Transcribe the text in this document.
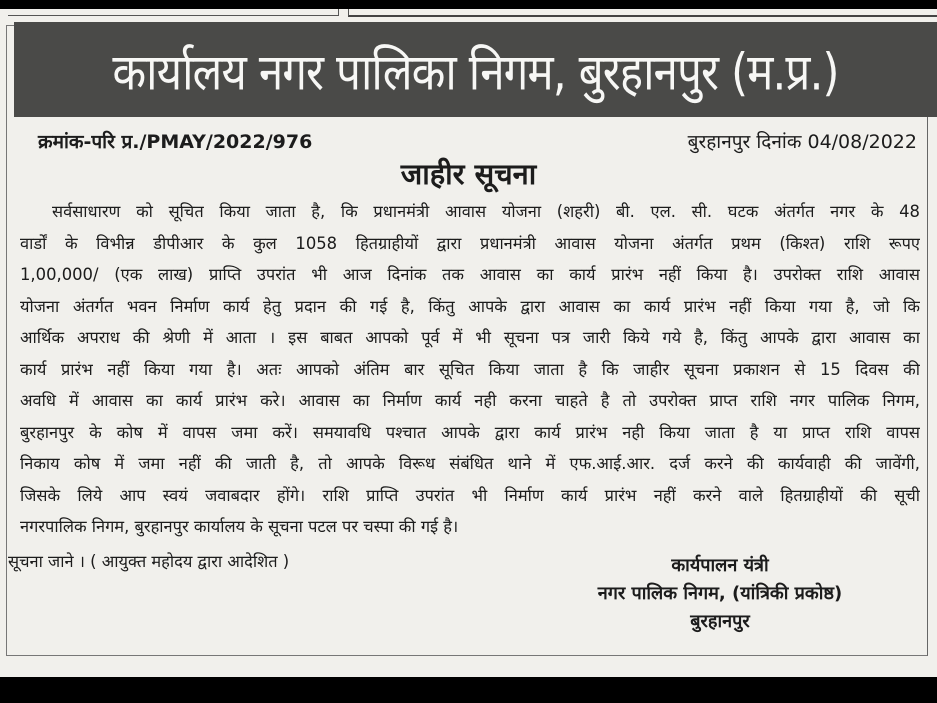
कार्यालय नगर पालिका निगम, बुरहानपुर (म.प्र.)
क्रमांक-परि प्र./PMAY/2022/976	बुरहानपुर दिनांक 04/08/2022
जाहीर सूचना
सर्वसाधारण को सूचित किया जाता है, कि प्रधानमंत्री आवास योजना (शहरी) बी. एल. सी. घटक अंतर्गत नगर के 48
वार्डों के विभीन्न डीपीआर के कुल 1058 हितग्राहीयों द्वारा प्रधानमंत्री आवास योजना अंतर्गत प्रथम (किश्त) राशि रूपए
1,00,000/ (एक लाख) प्राप्ति उपरांत भी आज दिनांक तक आवास का कार्य प्रारंभ नहीं किया है। उपरोक्त राशि आवास
योजना अंतर्गत भवन निर्माण कार्य हेतु प्रदान की गई है, किंतु आपके द्वारा आवास का कार्य प्रारंभ नहीं किया गया है, जो कि
आर्थिक अपराध की श्रेणी में आता । इस बाबत आपको पूर्व में भी सूचना पत्र जारी किये गये है, किंतु आपके द्वारा आवास का
कार्य प्रारंभ नहीं किया गया है। अतः आपको अंतिम बार सूचित किया जाता है कि जाहीर सूचना प्रकाशन से 15 दिवस की
अवधि में आवास का कार्य प्रारंभ करे। आवास का निर्माण कार्य नही करना चाहते है तो उपरोक्त प्राप्त राशि नगर पालिक निगम,
बुरहानपुर के कोष में वापस जमा करें। समयावधि पश्चात आपके द्वारा कार्य प्रारंभ नही किया जाता है या प्राप्त राशि वापस
निकाय कोष में जमा नहीं की जाती है, तो आपके विरूध संबंधित थाने में एफ.आई.आर. दर्ज करने की कार्यवाही की जावेंगी,
जिसके लिये आप स्वयं जवाबदार होंगे। राशि प्राप्ति उपरांत भी निर्माण कार्य प्रारंभ नहीं करने वाले हितग्राहीयों की सूची
नगरपालिक निगम, बुरहानपुर कार्यालय के सूचना पटल पर चस्पा की गई है।
सूचना जाने । ( आयुक्त महोदय द्वारा आदेशित )	कार्यपालन यंत्री
नगर पालिक निगम, (यांत्रिकी प्रकोष्ठ)
बुरहानपुर
